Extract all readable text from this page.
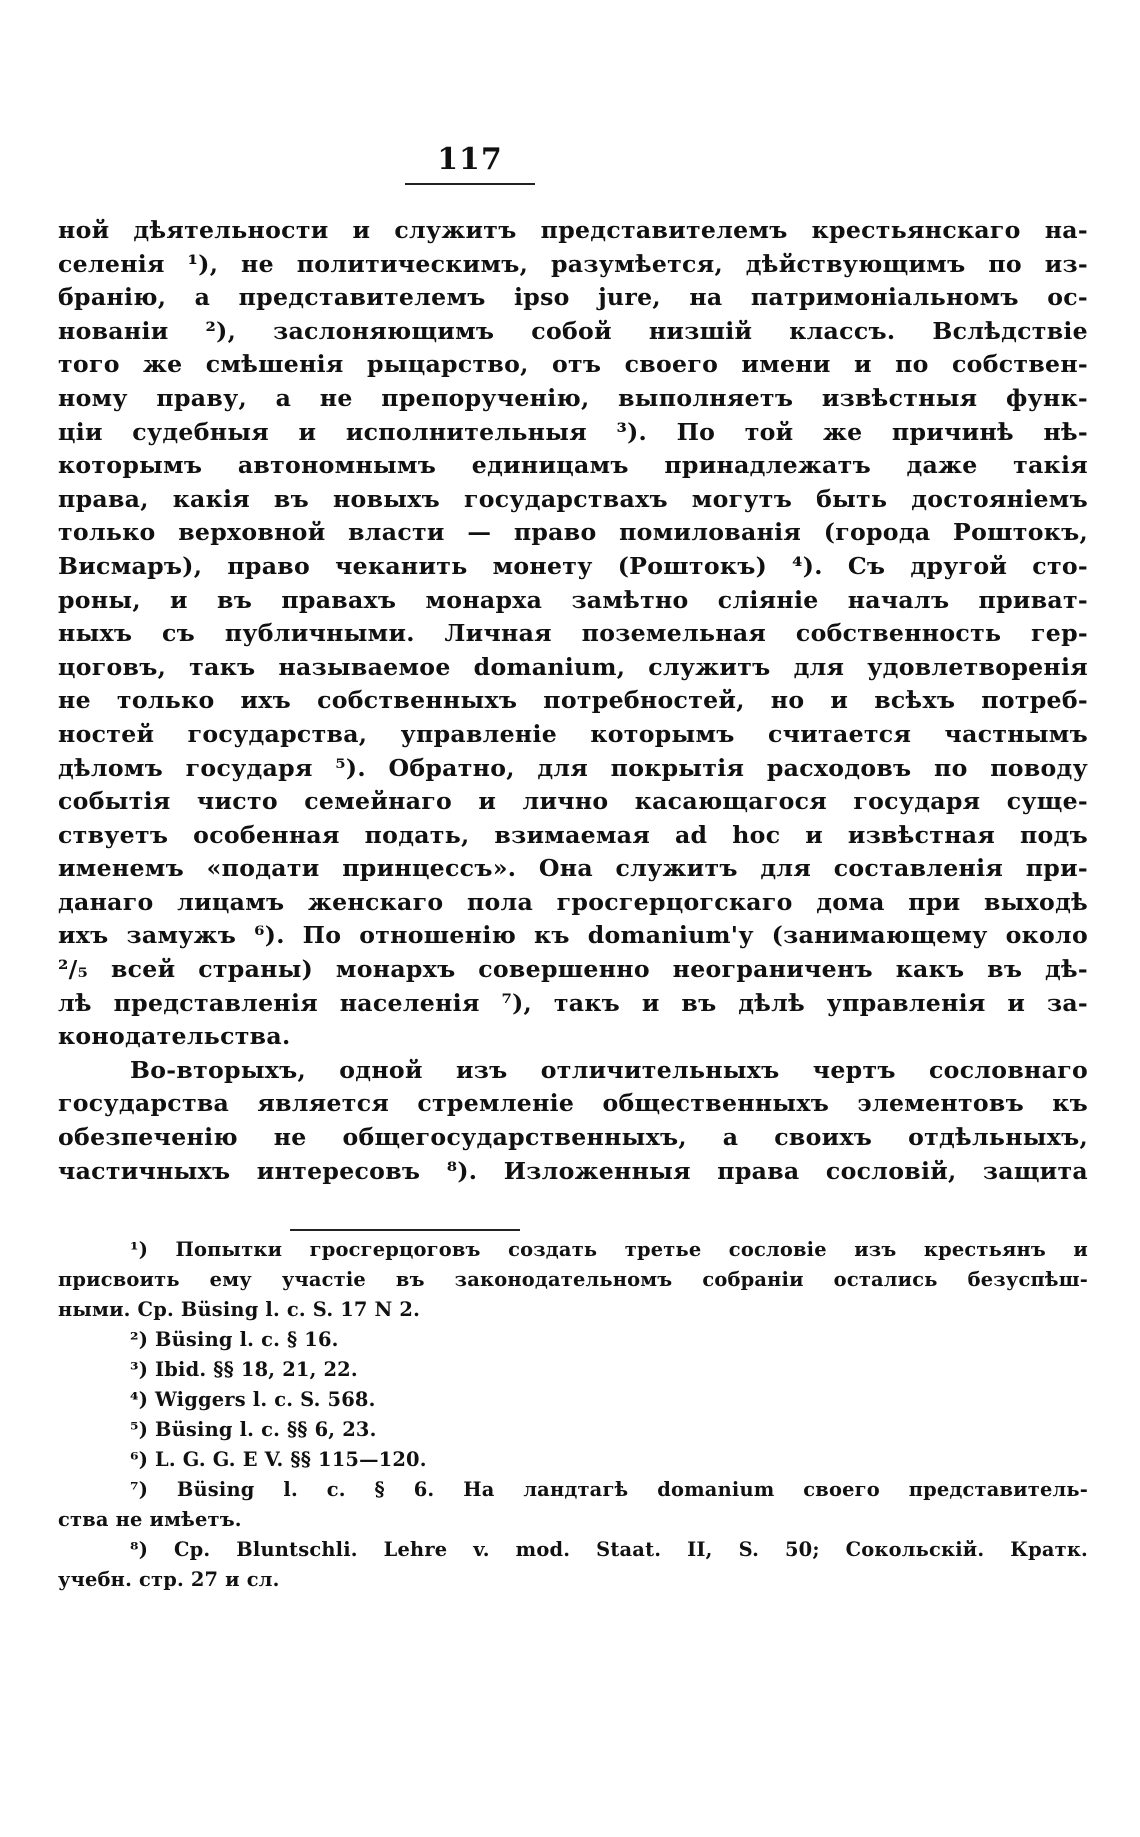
117
ной дѣятельности и служитъ представителемъ крестьянскаго на-
селенія ¹), не политическимъ, разумѣется, дѣйствующимъ по из-
бранію, а представителемъ ipso jure, на патримоніальномъ ос-
нованіи ²), заслоняющимъ собой низшій классъ. Вслѣдствіе
того же смѣшенія рыцарство, отъ своего имени и по собствен-
ному праву, а не препорученію, выполняетъ извѣстныя функ-
ціи судебныя и исполнительныя ³). По той же причинѣ нѣ-
которымъ автономнымъ единицамъ принадлежатъ даже такія
права, какія въ новыхъ государствахъ могутъ быть достояніемъ
только верховной власти — право помилованія (города Роштокъ,
Висмаръ), право чеканить монету (Роштокъ) ⁴). Съ другой сто-
роны, и въ правахъ монарха замѣтно сліяніе началъ приват-
ныхъ съ публичными. Личная поземельная собственность гер-
цоговъ, такъ называемое domanium, служитъ для удовлетворенія
не только ихъ собственныхъ потребностей, но и всѣхъ потреб-
ностей государства, управленіе которымъ считается частнымъ
дѣломъ государя ⁵). Обратно, для покрытія расходовъ по поводу
событія чисто семейнаго и лично касающагося государя суще-
ствуетъ особенная подать, взимаемая ad hoc и извѣстная подъ
именемъ «подати принцессъ». Она служитъ для составленія при-
данаго лицамъ женскаго пола гросгерцогскаго дома при выходѣ
ихъ замужъ ⁶). По отношенію къ domanium'у (занимающему около
²/₅ всей страны) монархъ совершенно неограниченъ какъ въ дѣ-
лѣ представленія населенія ⁷), такъ и въ дѣлѣ управленія и за-
конодательства.
Во-вторыхъ, одной изъ отличительныхъ чертъ сословнаго
государства является стремленіе общественныхъ элементовъ къ
обезпеченію не общегосударственныхъ, а своихъ отдѣльныхъ,
частичныхъ интересовъ ⁸). Изложенныя права сословій, защита
¹) Попытки гросгерцоговъ создать третье сословіе изъ крестьянъ и
присвоить ему участіе въ законодательномъ собраніи остались безуспѣш-
ными. Ср. Büsing l. c. S. 17 N 2.
²) Büsing l. c. § 16.
³) Ibid. §§ 18, 21, 22.
⁴) Wiggers l. c. S. 568.
⁵) Büsing l. c. §§ 6, 23.
⁶) L. G. G. E V. §§ 115—120.
⁷) Büsing l. c. § 6. На ландтагѣ domanium своего представитель-
ства не имѣетъ.
⁸) Ср. Bluntschli. Lehre v. mod. Staat. II, S. 50; Сокольскій. Кратк.
учебн. стр. 27 и сл.
